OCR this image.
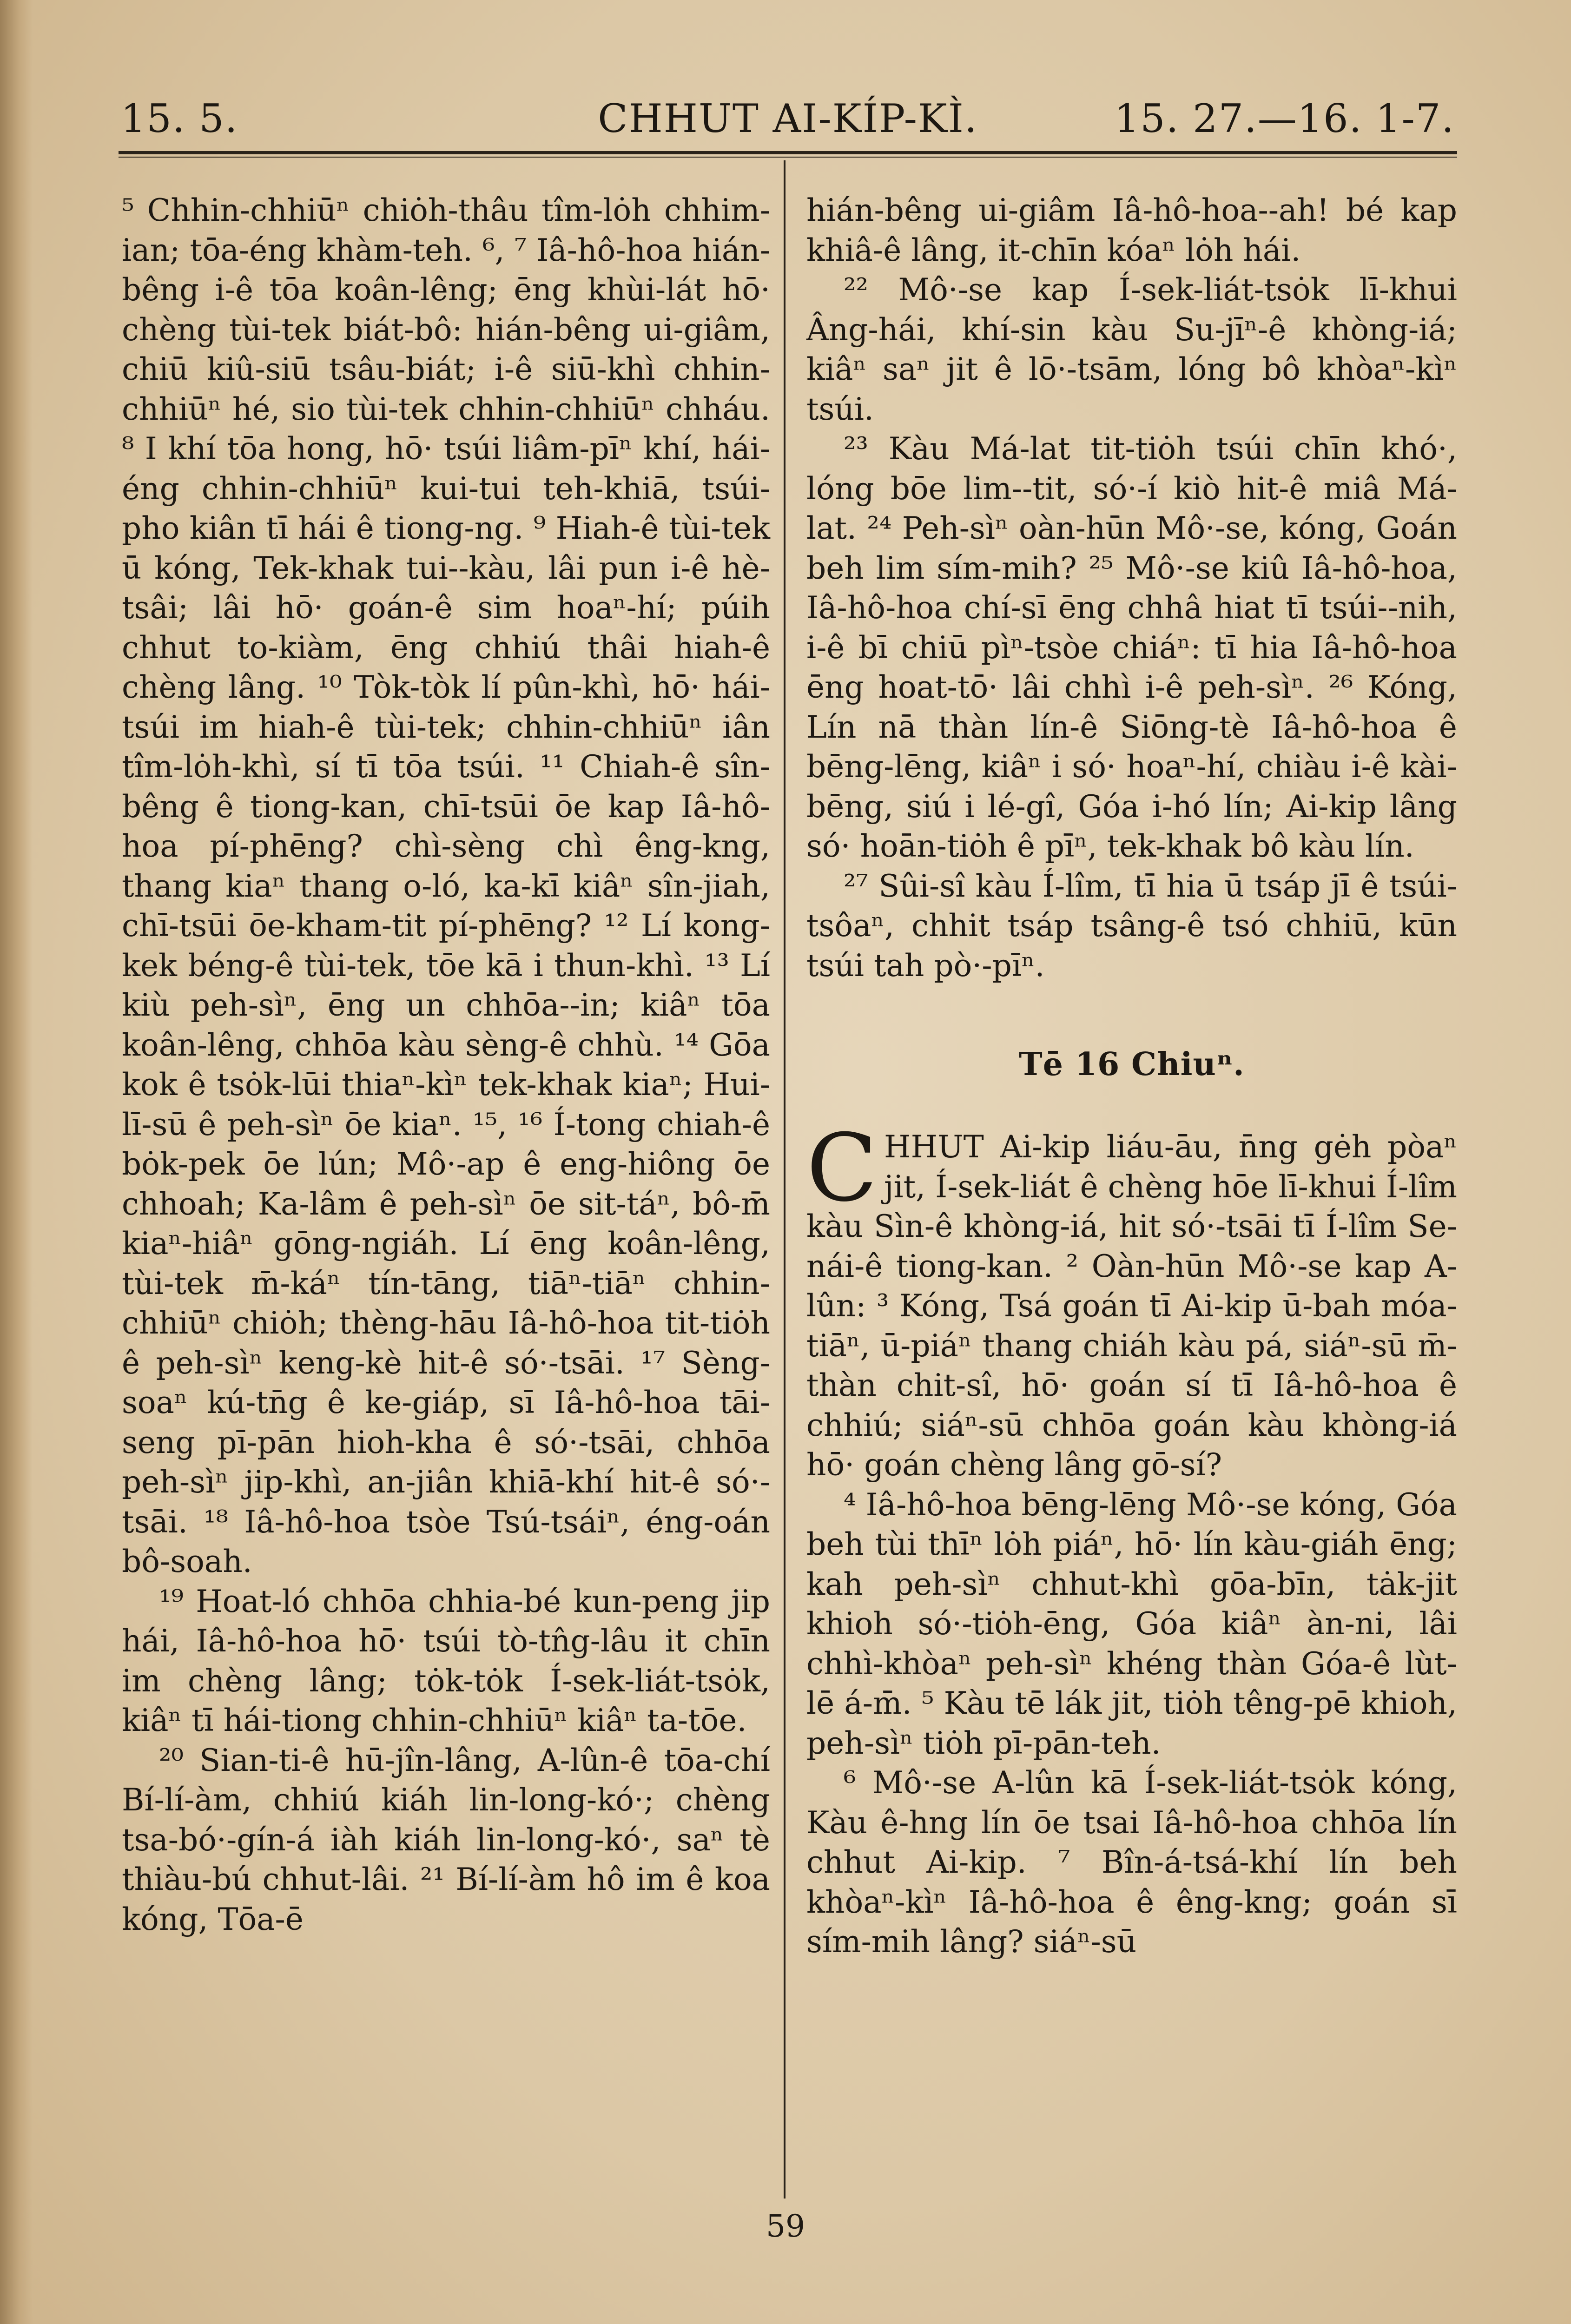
15. 5.	CHHUT AI-KÍP-KÌ.	15. 27.—16. 1-7.

⁵ Chhin-chhiūⁿ chiȯh-thâu tîm-lȯh chhim-ian; tōa-éng khàm-teh. ⁶, ⁷ Iâ-hô-hoa hián-bêng i-ê tōa koân-lêng; ēng khùi-lát hō· chèng tùi-tek biát-bô: hián-bêng ui-giâm, chiū kiû-siū tsâu-biát; i-ê siū-khì chhin-chhiūⁿ hé, sio tùi-tek chhin-chhiūⁿ chháu. ⁸ I khí tōa hong, hō· tsúi liâm-pīⁿ khí, hái-éng chhin-chhiūⁿ kui-tui teh-khiā, tsúi-pho kiân tī hái ê tiong-ng. ⁹ Hiah-ê tùi-tek ū kóng, Tek-khak tui--kàu, lâi pun i-ê hè-tsâi; lâi hō· goán-ê sim hoaⁿ-hí; púih chhut to-kiàm, ēng chhiú thâi hiah-ê chèng lâng. ¹⁰ Tòk-tòk lí pûn-khì, hō· hái-tsúi im hiah-ê tùi-tek; chhin-chhiūⁿ iân tîm-lȯh-khì, sí tī tōa tsúi. ¹¹ Chiah-ê sîn-bêng ê tiong-kan, chī-tsūi ōe kap Iâ-hô-hoa pí-phēng? chì-sèng chì êng-kng, thang kiaⁿ thang o-ló, ka-kī kiâⁿ sîn-jiah, chī-tsūi ōe-kham-tit pí-phēng? ¹² Lí kong-kek béng-ê tùi-tek, tōe kā i thun-khì. ¹³ Lí kiù peh-sìⁿ, ēng un chhōa--in; kiâⁿ tōa koân-lêng, chhōa kàu sèng-ê chhù. ¹⁴ Gōa kok ê tsȯk-lūi thiaⁿ-kìⁿ tek-khak kiaⁿ; Hui-lī-sū ê peh-sìⁿ ōe kiaⁿ. ¹⁵, ¹⁶ Í-tong chiah-ê bȯk-pek ōe lún; Mô·-ap ê eng-hiông ōe chhoah; Ka-lâm ê peh-sìⁿ ōe sit-táⁿ, bô-m̄ kiaⁿ-hiâⁿ gōng-ngiáh. Lí ēng koân-lêng, tùi-tek m̄-káⁿ tín-tāng, tiāⁿ-tiāⁿ chhin-chhiūⁿ chiȯh; thèng-hāu Iâ-hô-hoa tit-tiȯh ê peh-sìⁿ keng-kè hit-ê só·-tsāi. ¹⁷ Sèng-soaⁿ kú-tn̄g ê ke-giáp, sī Iâ-hô-hoa tāi-seng pī-pān hioh-kha ê só·-tsāi, chhōa peh-sìⁿ jip-khì, an-jiân khiā-khí hit-ê só·-tsāi. ¹⁸ Iâ-hô-hoa tsòe Tsú-tsáiⁿ, éng-oán bô-soah.

¹⁹ Hoat-ló chhōa chhia-bé kun-peng jip hái, Iâ-hô-hoa hō· tsúi tò-tn̂g-lâu it chīn im chèng lâng; tȯk-tȯk Í-sek-liát-tsȯk, kiâⁿ tī hái-tiong chhin-chhiūⁿ kiâⁿ ta-tōe.

²⁰ Sian-ti-ê hū-jîn-lâng, A-lûn-ê tōa-chí Bí-lí-àm, chhiú kiáh lin-long-kó·; chèng tsa-bó·-gín-á iàh kiáh lin-long-kó·, saⁿ tè thiàu-bú chhut-lâi. ²¹ Bí-lí-àm hô im ê koa kóng, Tōa-ē

hián-bêng ui-giâm Iâ-hô-hoa--ah! bé kap khiâ-ê lâng, it-chīn kóaⁿ lȯh hái.

²² Mô·-se kap Í-sek-liát-tsȯk lī-khui Âng-hái, khí-sin kàu Su-jīⁿ-ê khòng-iá; kiâⁿ saⁿ jit ê lō·-tsām, lóng bô khòaⁿ-kìⁿ tsúi.

²³ Kàu Má-lat tit-tiȯh tsúi chīn khó·, lóng bōe lim--tit, só·-í kiò hit-ê miâ Má-lat. ²⁴ Peh-sìⁿ oàn-hūn Mô·-se, kóng, Goán beh lim sím-mih? ²⁵ Mô·-se kiû Iâ-hô-hoa, Iâ-hô-hoa chí-sī ēng chhâ hiat tī tsúi--nih, i-ê bī chiū pìⁿ-tsòe chiáⁿ: tī hia Iâ-hô-hoa ēng hoat-tō· lâi chhì i-ê peh-sìⁿ. ²⁶ Kóng, Lín nā thàn lín-ê Siōng-tè Iâ-hô-hoa ê bēng-lēng, kiâⁿ i só· hoaⁿ-hí, chiàu i-ê kài-bēng, siú i lé-gî, Góa i-hó lín; Ai-kip lâng só· hoān-tiȯh ê pīⁿ, tek-khak bô kàu lín.

²⁷ Sûi-sî kàu Í-lîm, tī hia ū tsáp jī ê tsúi-tsôaⁿ, chhit tsáp tsâng-ê tsó chhiū, kūn tsúi tah pò·-pīⁿ.

Tē 16 Chiuⁿ.

CHHUT Ai-kip liáu-āu, n̄ng gėh pòaⁿ jit, Í-sek-liát ê chèng hōe lī-khui Í-lîm kàu Sìn-ê khòng-iá, hit só·-tsāi tī Í-lîm Se-nái-ê tiong-kan. ² Oàn-hūn Mô·-se kap A-lûn: ³ Kóng, Tsá goán tī Ai-kip ū-bah móa-tiāⁿ, ū-piáⁿ thang chiáh kàu pá, siáⁿ-sū m̄-thàn chit-sî, hō· goán sí tī Iâ-hô-hoa ê chhiú; siáⁿ-sū chhōa goán kàu khòng-iá hō· goán chèng lâng gō-sí?

⁴ Iâ-hô-hoa bēng-lēng Mô·-se kóng, Góa beh tùi thīⁿ lȯh piáⁿ, hō· lín kàu-giáh ēng; kah peh-sìⁿ chhut-khì gōa-bīn, tȧk-jit khioh só·-tiȯh-ēng, Góa kiâⁿ àn-ni, lâi chhì-khòaⁿ peh-sìⁿ khéng thàn Góa-ê lùt-lē á-m̄. ⁵ Kàu tē lák jit, tiȯh têng-pē khioh, peh-sìⁿ tiȯh pī-pān-teh.

⁶ Mô·-se A-lûn kā Í-sek-liát-tsȯk kóng, Kàu ê-hng lín ōe tsai Iâ-hô-hoa chhōa lín chhut Ai-kip. ⁷ Bîn-á-tsá-khí lín beh khòaⁿ-kìⁿ Iâ-hô-hoa ê êng-kng; goán sī sím-mih lâng? siáⁿ-sū

59
